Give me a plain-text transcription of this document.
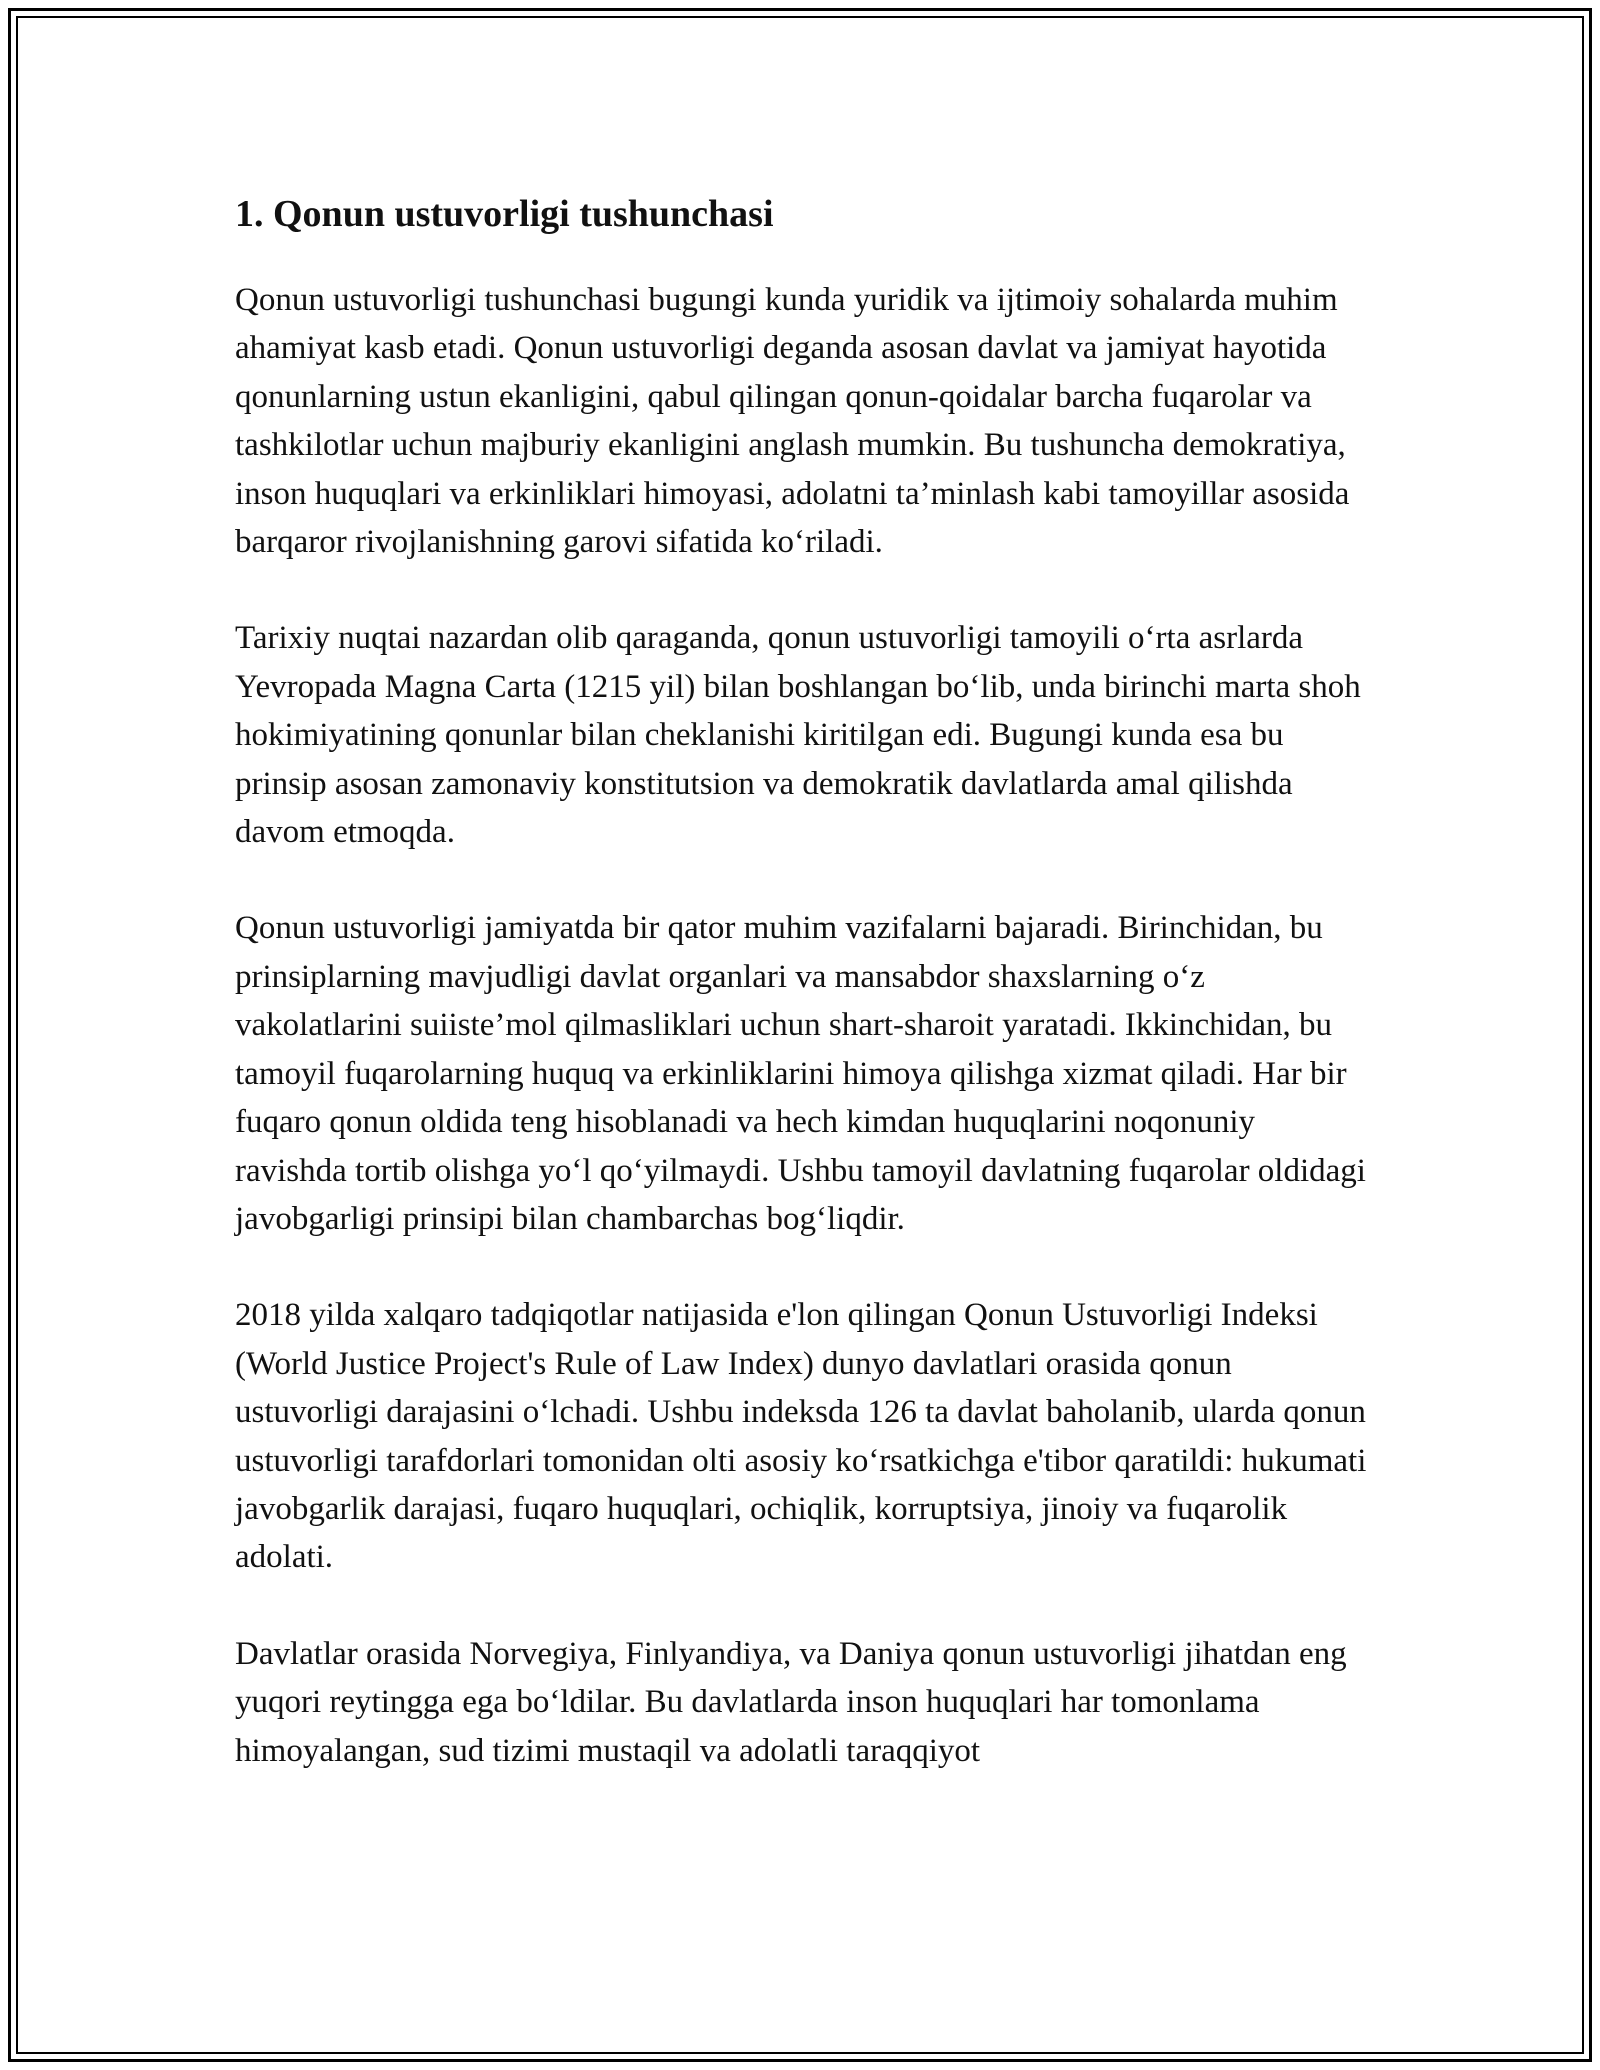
1. Qonun ustuvorligi tushunchasi

Qonun ustuvorligi tushunchasi bugungi kunda yuridik va ijtimoiy sohalarda muhim ahamiyat kasb etadi. Qonun ustuvorligi deganda asosan davlat va jamiyat hayotida qonunlarning ustun ekanligini, qabul qilingan qonun-qoidalar barcha fuqarolar va tashkilotlar uchun majburiy ekanligini anglash mumkin. Bu tushuncha demokratiya, inson huquqlari va erkinliklari himoyasi, adolatni ta’minlash kabi tamoyillar asosida barqaror rivojlanishning garovi sifatida ko‘riladi.

Tarixiy nuqtai nazardan olib qaraganda, qonun ustuvorligi tamoyili o‘rta asrlarda Yevropada Magna Carta (1215 yil) bilan boshlangan bo‘lib, unda birinchi marta shoh hokimiyatining qonunlar bilan cheklanishi kiritilgan edi. Bugungi kunda esa bu prinsip asosan zamonaviy konstitutsion va demokratik davlatlarda amal qilishda davom etmoqda.

Qonun ustuvorligi jamiyatda bir qator muhim vazifalarni bajaradi. Birinchidan, bu prinsiplarning mavjudligi davlat organlari va mansabdor shaxslarning o‘z vakolatlarini suiiste’mol qilmasliklari uchun shart-sharoit yaratadi. Ikkinchidan, bu tamoyil fuqarolarning huquq va erkinliklarini himoya qilishga xizmat qiladi. Har bir fuqaro qonun oldida teng hisoblanadi va hech kimdan huquqlarini noqonuniy ravishda tortib olishga yo‘l qo‘yilmaydi. Ushbu tamoyil davlatning fuqarolar oldidagi javobgarligi prinsipi bilan chambarchas bog‘liqdir.

2018 yilda xalqaro tadqiqotlar natijasida e'lon qilingan Qonun Ustuvorligi Indeksi (World Justice Project's Rule of Law Index) dunyo davlatlari orasida qonun ustuvorligi darajasini o‘lchadi. Ushbu indeksda 126 ta davlat baholanib, ularda qonun ustuvorligi tarafdorlari tomonidan olti asosiy ko‘rsatkichga e'tibor qaratildi: hukumati javobgarlik darajasi, fuqaro huquqlari, ochiqlik, korruptsiya, jinoiy va fuqarolik adolati.

Davlatlar orasida Norvegiya, Finlyandiya, va Daniya qonun ustuvorligi jihatdan eng yuqori reytingga ega bo‘ldilar. Bu davlatlarda inson huquqlari har tomonlama himoyalangan, sud tizimi mustaqil va adolatli taraqqiyot
